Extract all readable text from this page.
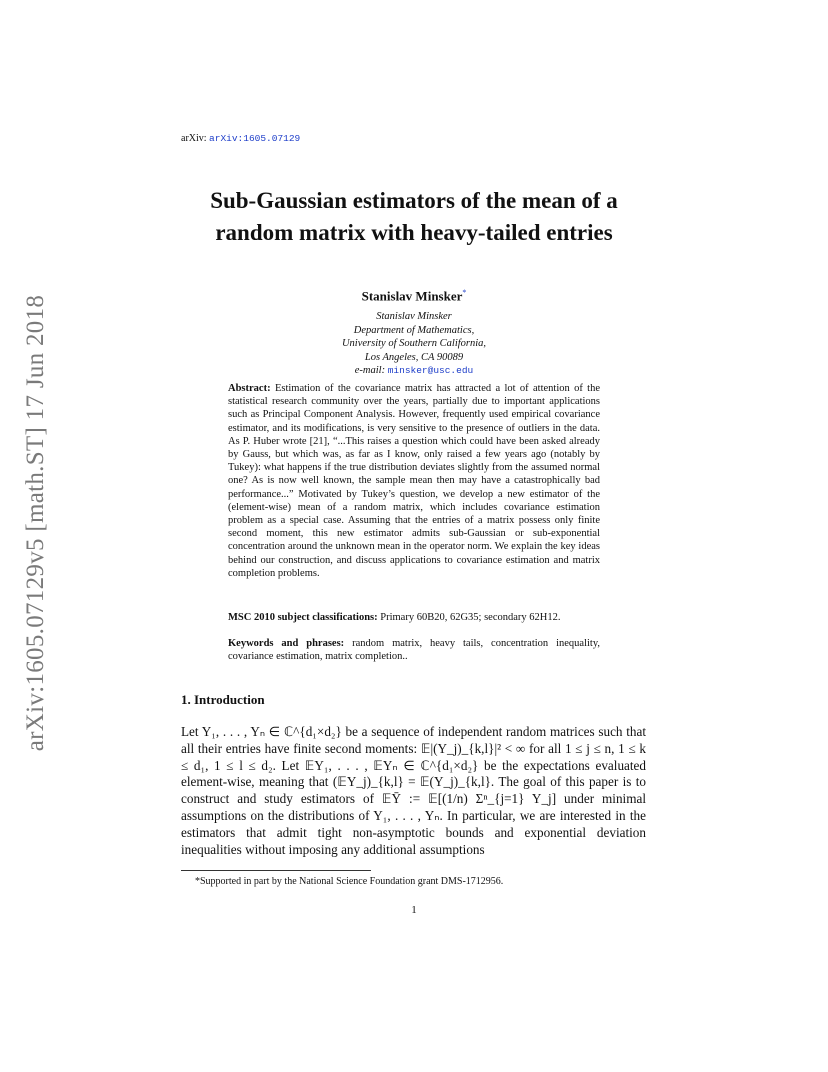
arXiv:1605.07129v5 [math.ST] 17 Jun 2018
arXiv: arXiv:1605.07129
Sub-Gaussian estimators of the mean of a random matrix with heavy-tailed entries
Stanislav Minsker*
Stanislav Minsker
Department of Mathematics,
University of Southern California,
Los Angeles, CA 90089
e-mail: minsker@usc.edu
Abstract: Estimation of the covariance matrix has attracted a lot of attention of the statistical research community over the years, partially due to important applications such as Principal Component Analysis. However, frequently used empirical covariance estimator, and its modifications, is very sensitive to the presence of outliers in the data. As P. Huber wrote [21], “...This raises a question which could have been asked already by Gauss, but which was, as far as I know, only raised a few years ago (notably by Tukey): what happens if the true distribution deviates slightly from the assumed normal one? As is now well known, the sample mean then may have a catastrophically bad performance...” Motivated by Tukey’s question, we develop a new estimator of the (element-wise) mean of a random matrix, which includes covariance estimation problem as a special case. Assuming that the entries of a matrix possess only finite second moment, this new estimator admits sub-Gaussian or sub-exponential concentration around the unknown mean in the operator norm. We explain the key ideas behind our construction, and discuss applications to covariance estimation and matrix completion problems.
MSC 2010 subject classifications: Primary 60B20, 62G35; secondary 62H12.
Keywords and phrases: random matrix, heavy tails, concentration inequality, covariance estimation, matrix completion..
1. Introduction
Let Y₁, . . . , Yₙ ∈ ℂ^{d₁×d₂} be a sequence of independent random matrices such that all their entries have finite second moments: 𝔼|(Y_j)_{k,l}|² < ∞ for all 1 ≤ j ≤ n, 1 ≤ k ≤ d₁, 1 ≤ l ≤ d₂. Let 𝔼Y₁, . . . , 𝔼Yₙ ∈ ℂ^{d₁×d₂} be the expectations evaluated element-wise, meaning that (𝔼Y_j)_{k,l} = 𝔼(Y_j)_{k,l}. The goal of this paper is to construct and study estimators of 𝔼Ȳ := 𝔼[(1/n) Σⁿ_{j=1} Y_j] under minimal assumptions on the distributions of Y₁, . . . , Yₙ. In particular, we are interested in the estimators that admit tight non-asymptotic bounds and exponential deviation inequalities without imposing any additional assumptions
*Supported in part by the National Science Foundation grant DMS-1712956.
1
